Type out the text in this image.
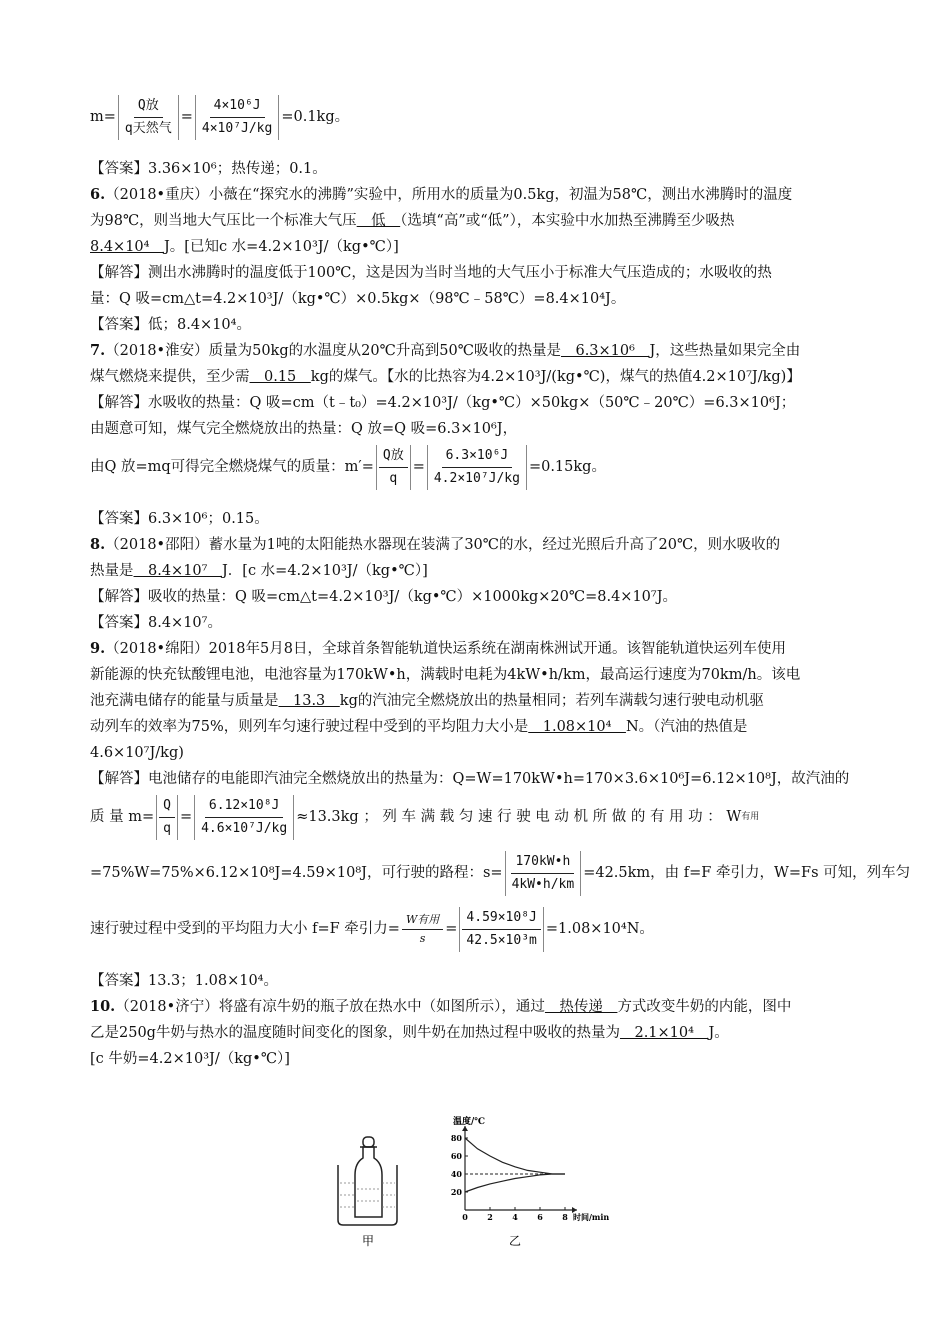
$m= \frac{\text{Q放}}{\text{q天然气}} = \frac{\text{4×10⁶J}}{\text{4×10⁷J/kg}} =0.1kg$。
【答案】3.36×10⁶；热传递；0.1。
6.（2018•重庆）小薇在“探究水的沸腾”实验中，所用水的质量为0.5kg，初温为58℃，测出水沸腾时的温度
为98℃，则当地大气压比一个标准大气压　低　（选填“高”或“低”），本实验中水加热至沸腾至少吸热
8.4×10⁴　J。[已知c 水=4.2×10³J/（kg•℃）]
【解答】测出水沸腾时的温度低于100℃，这是因为当时当地的大气压小于标准大气压造成的；水吸收的热
量：Q 吸=cm△t=4.2×10³J/（kg•℃）×0.5kg×（98℃﹣58℃）=8.4×10⁴J。
【答案】低；8.4×10⁴。
7.（2018•淮安）质量为50kg的水温度从20℃升高到50℃吸收的热量是　6.3×10⁶　J，这些热量如果完全由
煤气燃烧来提供，至少需　0.15　kg的煤气。【水的比热容为4.2×10³J/(kg•℃)，煤气的热值4.2×10⁷J/kg)】
【解答】水吸收的热量：Q 吸=cm（t﹣t₀）=4.2×10³J/（kg•℃）×50kg×（50℃﹣20℃）=6.3×10⁶J；
由题意可知，煤气完全燃烧放出的热量：Q 放=Q 吸=6.3×10⁶J，
由Q 放=mq可得完全燃烧煤气的质量：$m'= \frac{\text{Q放}}{q} = \frac{\text{6.3×10⁶J}}{\text{4.2×10⁷J/kg}} =0.15kg$。
【答案】6.3×10⁶；0.15。
8.（2018•邵阳）蓄水量为1吨的太阳能热水器现在装满了30℃的水，经过光照后升高了20℃，则水吸收的
热量是　8.4×10⁷　J．[c 水=4.2×10³J/（kg•℃）]
【解答】吸收的热量：Q 吸=cm△t=4.2×10³J/（kg•℃）×1000kg×20℃=8.4×10⁷J。
【答案】8.4×10⁷。
9.（2018•绵阳）2018年5月8日，全球首条智能轨道快运系统在湖南株洲试开通。该智能轨道快运列车使用
新能源的快充钛酸锂电池，电池容量为170kW•h，满载时电耗为4kW•h/km，最高运行速度为70km/h。该电
池充满电储存的能量与质量是　13.3　kg的汽油完全燃烧放出的热量相同；若列车满载匀速行驶电动机驱
动列车的效率为75%，则列车匀速行驶过程中受到的平均阻力大小是　1.08×10⁴　N。（汽油的热值是
4.6×10⁷J/kg)
【解答】电池储存的电能即汽油完全燃烧放出的热量为：Q=W=170kW•h=170×3.6×10⁶J=6.12×10⁸J，故汽油的
质 量 $m= \frac{Q}{q} = \frac{\text{6.12×10⁸J}}{\text{4.6×10⁷J/kg}} \approx 13.3kg$ ； 列 车 满 载 匀 速 行 驶 电 动 机 所 做 的 有 用 功 ： W 有用
=75%W=75%×6.12×10⁸J=4.59×10⁸J，可行驶的路程：$s= \frac{170kW•h}{4kW•h/km} =42.5km$，由 f=F 牵引力，W=Fs 可知，列车匀
速行驶过程中受到的平均阻力大小 f=F 牵引力= $\frac{\text{W有用}}{s} = \frac{\text{4.59×10⁸J}}{\text{42.5×10³m}} =1.08\times 10^4N$。
【答案】13.3；1.08×10⁴。
10.（2018•济宁）将盛有凉牛奶的瓶子放在热水中（如图所示），通过　热传递　方式改变牛奶的内能，图中
乙是250g牛奶与热水的温度随时间变化的图象，则牛奶在加热过程中吸收的热量为　2.1×10⁴　J。
[c 牛奶=4.2×10³J/（kg•℃）]
甲	乙
温度/℃
时间/min
80
60
40
20
0 2 4 6 8
